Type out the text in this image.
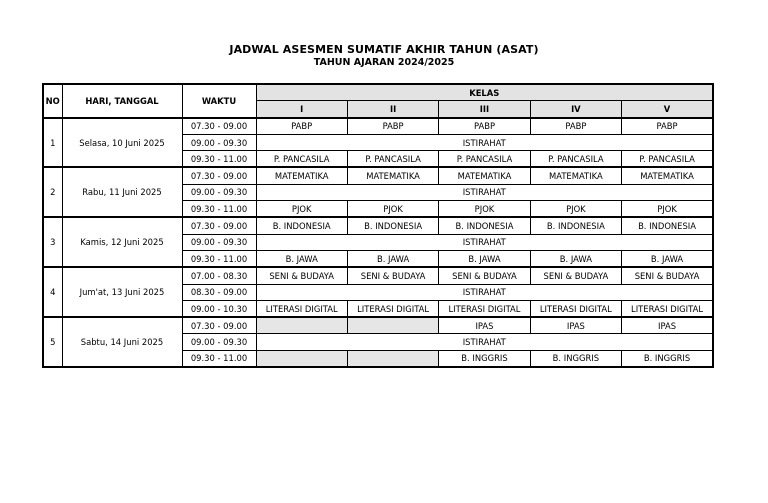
JADWAL ASESMEN SUMATIF AKHIR TAHUN (ASAT)
TAHUN AJARAN 2024/2025
NO	HARI, TANGGAL	WAKTU	KELAS				
			I	II	III	IV	V
1	Selasa, 10 Juni 2025	07.30 - 09.00	PABP	PABP	PABP	PABP	PABP
		09.00 - 09.30	ISTIRAHAT				
		09.30 - 11.00	P. PANCASILA	P. PANCASILA	P. PANCASILA	P. PANCASILA	P. PANCASILA
2	Rabu, 11 Juni 2025	07.30 - 09.00	MATEMATIKA	MATEMATIKA	MATEMATIKA	MATEMATIKA	MATEMATIKA
		09.00 - 09.30	ISTIRAHAT				
		09.30 - 11.00	PJOK	PJOK	PJOK	PJOK	PJOK
3	Kamis, 12 Juni 2025	07.30 - 09.00	B. INDONESIA	B. INDONESIA	B. INDONESIA	B. INDONESIA	B. INDONESIA
		09.00 - 09.30	ISTIRAHAT				
		09.30 - 11.00	B. JAWA	B. JAWA	B. JAWA	B. JAWA	B. JAWA
4	Jum'at, 13 Juni 2025	07.00 - 08.30	SENI & BUDAYA	SENI & BUDAYA	SENI & BUDAYA	SENI & BUDAYA	SENI & BUDAYA
		08.30 - 09.00	ISTIRAHAT				
		09.00 - 10.30	LITERASI DIGITAL	LITERASI DIGITAL	LITERASI DIGITAL	LITERASI DIGITAL	LITERASI DIGITAL
5	Sabtu, 14 Juni 2025	07.30 - 09.00			IPAS	IPAS	IPAS
		09.00 - 09.30	ISTIRAHAT				
		09.30 - 11.00			B. INGGRIS	B. INGGRIS	B. INGGRIS
